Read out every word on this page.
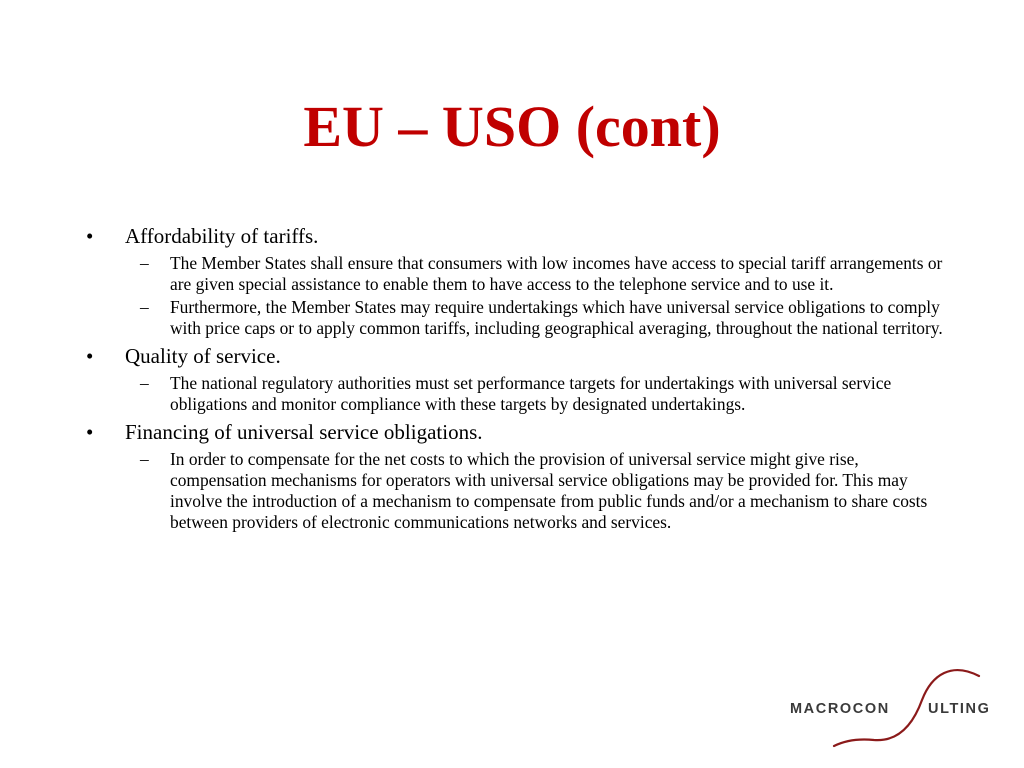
EU – USO (cont)
• Affordability of tariffs.
– The Member States shall ensure that consumers with low incomes have access to special tariff arrangements or are given special assistance to enable them to have access to the telephone service and to use it.
– Furthermore, the Member States may require undertakings which have universal service obligations to comply with price caps or to apply common tariffs, including geographical averaging, throughout the national territory.
• Quality of service.
– The national regulatory authorities must set performance targets for undertakings with universal service obligations and monitor compliance with these targets by designated undertakings.
• Financing of universal service obligations.
– In order to compensate for the net costs to which the provision of universal service might give rise, compensation mechanisms for operators with universal service obligations may be provided for. This may involve the introduction of a mechanism to compensate from public funds and/or a mechanism to share costs between providers of electronic communications networks and services.
MACROCON	ULTING
